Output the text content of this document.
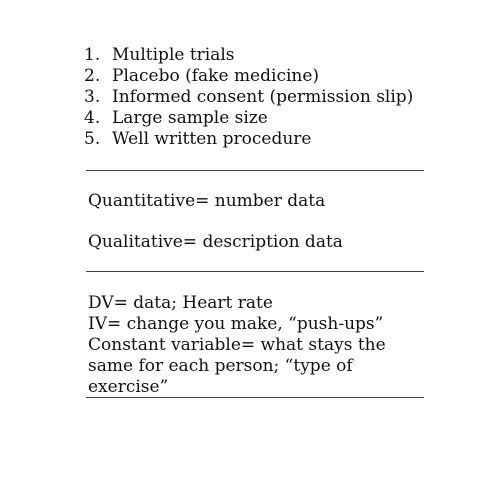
1. Multiple trials
2. Placebo (fake medicine)
3. Informed consent (permission slip)
4. Large sample size
5. Well written procedure
Quantitative= number data
Qualitative= description data
DV= data; Heart rate
IV= change you make, “push-ups”
Constant variable= what stays the
same for each person; “type of
exercise”
